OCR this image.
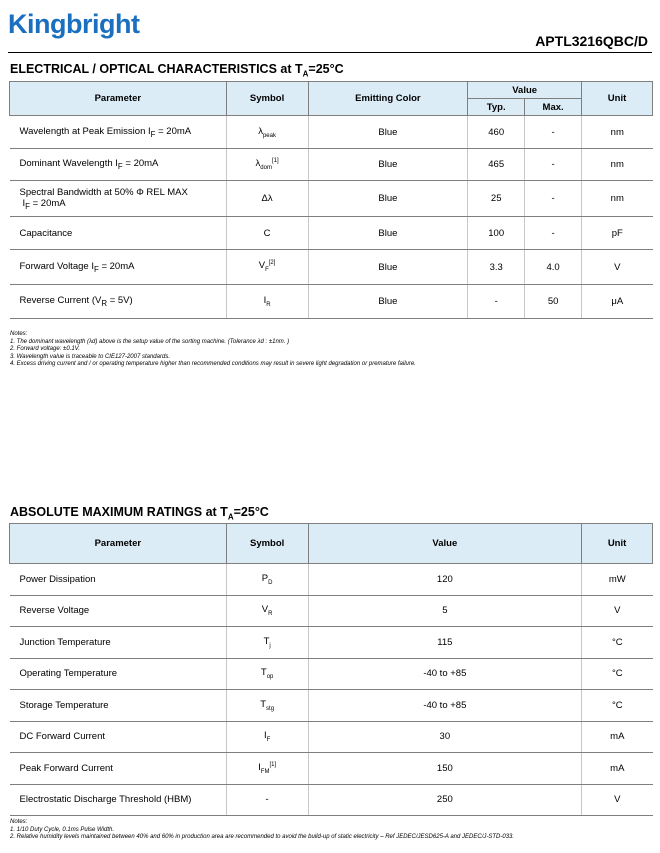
Kingbright
APTL3216QBC/D
ELECTRICAL / OPTICAL CHARACTERISTICS at $T_A=25^\circ C$
Parameter	Symbol	Emitting Color	Value		Unit
			Typ.	Max.	
Wavelength at Peak Emission $I_F = 20mA$	$\lambda_{peak}$	Blue	460	-	nm
Dominant Wavelength $I_F = 20mA$	$\lambda_{dom}[1]$	Blue	465	-	nm
Spectral Bandwidth at 50% Φ REL MAX
$I_F = 20mA$	Δλ	Blue	25	-	nm
Capacitance	C	Blue	100	-	pF
Forward Voltage $I_F = 20mA$	$V_F[2]$	Blue	3.3	4.0	V
Reverse Current $(V_R = 5V)$	$I_R$	Blue	-	50	μA
Notes:
1. The dominant wavelength (λd) above is the setup value of the sorting machine. (Tolerance λd : ±1nm. )
2. Forward voltage: ±0.1V.
3. Wavelength value is traceable to CIE127-2007 standards.
4. Excess driving current and / or operating temperature higher than recommended conditions may result in severe light degradation or premature failure.
ABSOLUTE MAXIMUM RATINGS at $T_A=25^\circ C$
Parameter	Symbol	Value	Unit
Power Dissipation	$P_D$	120	mW
Reverse Voltage	$V_R$	5	V
Junction Temperature	$T_j$	115	°C
Operating Temperature	$T_{op}$	-40 to +85	°C
Storage Temperature	$T_{stg}$	-40 to +85	°C
DC Forward Current	$I_F$	30	mA
Peak Forward Current	$I_{FM}[1]$	150	mA
Electrostatic Discharge Threshold (HBM)	-	250	V
Notes:
1. 1/10 Duty Cycle, 0.1ms Pulse Width.
2. Relative humidity levels maintained between 40% and 60% in production area are recommended to avoid the build-up of static electricity – Ref JEDEC/JESD625-A and JEDEC/J-STD-033.
